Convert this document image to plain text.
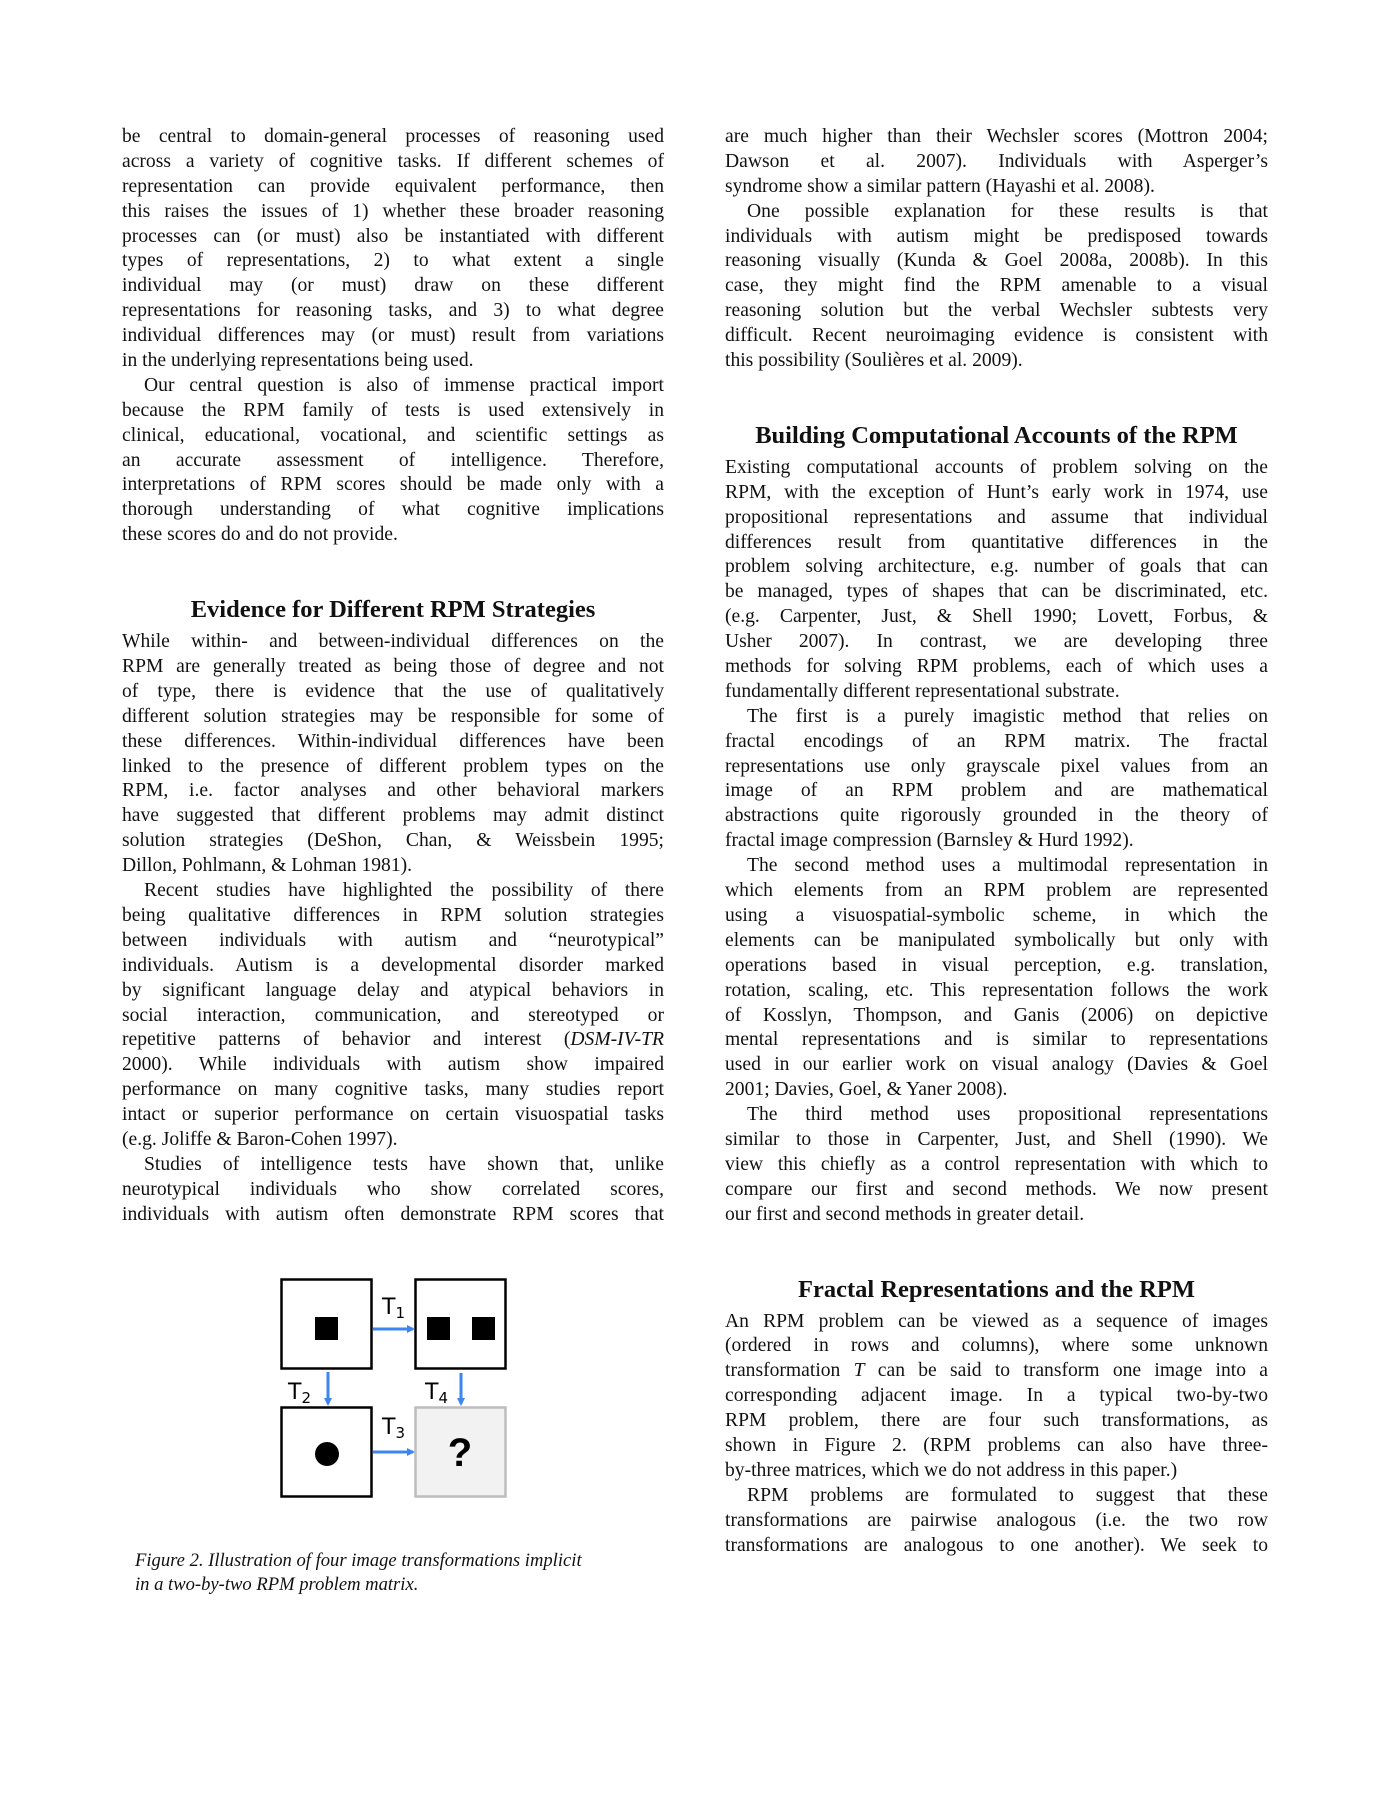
be central to domain-general processes of reasoning used
across a variety of cognitive tasks. If different schemes of
representation can provide equivalent performance, then
this raises the issues of 1) whether these broader reasoning
processes can (or must) also be instantiated with different
types of representations, 2) to what extent a single
individual may (or must) draw on these different
representations for reasoning tasks, and 3) to what degree
individual differences may (or must) result from variations
in the underlying representations being used.
Our central question is also of immense practical import
because the RPM family of tests is used extensively in
clinical, educational, vocational, and scientific settings as
an accurate assessment of intelligence. Therefore,
interpretations of RPM scores should be made only with a
thorough understanding of what cognitive implications
these scores do and do not provide.
Evidence for Different RPM Strategies
While within- and between-individual differences on the
RPM are generally treated as being those of degree and not
of type, there is evidence that the use of qualitatively
different solution strategies may be responsible for some of
these differences. Within-individual differences have been
linked to the presence of different problem types on the
RPM, i.e. factor analyses and other behavioral markers
have suggested that different problems may admit distinct
solution strategies (DeShon, Chan, & Weissbein 1995;
Dillon, Pohlmann, & Lohman 1981).
Recent studies have highlighted the possibility of there
being qualitative differences in RPM solution strategies
between individuals with autism and “neurotypical”
individuals. Autism is a developmental disorder marked
by significant language delay and atypical behaviors in
social interaction, communication, and stereotyped or
repetitive patterns of behavior and interest (DSM-IV-TR
2000). While individuals with autism show impaired
performance on many cognitive tasks, many studies report
intact or superior performance on certain visuospatial tasks
(e.g. Joliffe & Baron-Cohen 1997).
Studies of intelligence tests have shown that, unlike
neurotypical individuals who show correlated scores,
individuals with autism often demonstrate RPM scores that
?
T1
T2	T4
T3
Figure 2. Illustration of four image transformations implicit
in a two-by-two RPM problem matrix.
are much higher than their Wechsler scores (Mottron 2004;
Dawson et al. 2007). Individuals with Asperger’s
syndrome show a similar pattern (Hayashi et al. 2008).
One possible explanation for these results is that
individuals with autism might be predisposed towards
reasoning visually (Kunda & Goel 2008a, 2008b). In this
case, they might find the RPM amenable to a visual
reasoning solution but the verbal Wechsler subtests very
difficult. Recent neuroimaging evidence is consistent with
this possibility (Soulières et al. 2009).
Building Computational Accounts of the RPM
Existing computational accounts of problem solving on the
RPM, with the exception of Hunt’s early work in 1974, use
propositional representations and assume that individual
differences result from quantitative differences in the
problem solving architecture, e.g. number of goals that can
be managed, types of shapes that can be discriminated, etc.
(e.g. Carpenter, Just, & Shell 1990; Lovett, Forbus, &
Usher 2007). In contrast, we are developing three
methods for solving RPM problems, each of which uses a
fundamentally different representational substrate.
The first is a purely imagistic method that relies on
fractal encodings of an RPM matrix. The fractal
representations use only grayscale pixel values from an
image of an RPM problem and are mathematical
abstractions quite rigorously grounded in the theory of
fractal image compression (Barnsley & Hurd 1992).
The second method uses a multimodal representation in
which elements from an RPM problem are represented
using a visuospatial-symbolic scheme, in which the
elements can be manipulated symbolically but only with
operations based in visual perception, e.g. translation,
rotation, scaling, etc. This representation follows the work
of Kosslyn, Thompson, and Ganis (2006) on depictive
mental representations and is similar to representations
used in our earlier work on visual analogy (Davies & Goel
2001; Davies, Goel, & Yaner 2008).
The third method uses propositional representations
similar to those in Carpenter, Just, and Shell (1990). We
view this chiefly as a control representation with which to
compare our first and second methods. We now present
our first and second methods in greater detail.
Fractal Representations and the RPM
An RPM problem can be viewed as a sequence of images
(ordered in rows and columns), where some unknown
transformation T can be said to transform one image into a
corresponding adjacent image. In a typical two-by-two
RPM problem, there are four such transformations, as
shown in Figure 2. (RPM problems can also have three-
by-three matrices, which we do not address in this paper.)
RPM problems are formulated to suggest that these
transformations are pairwise analogous (i.e. the two row
transformations are analogous to one another). We seek to
